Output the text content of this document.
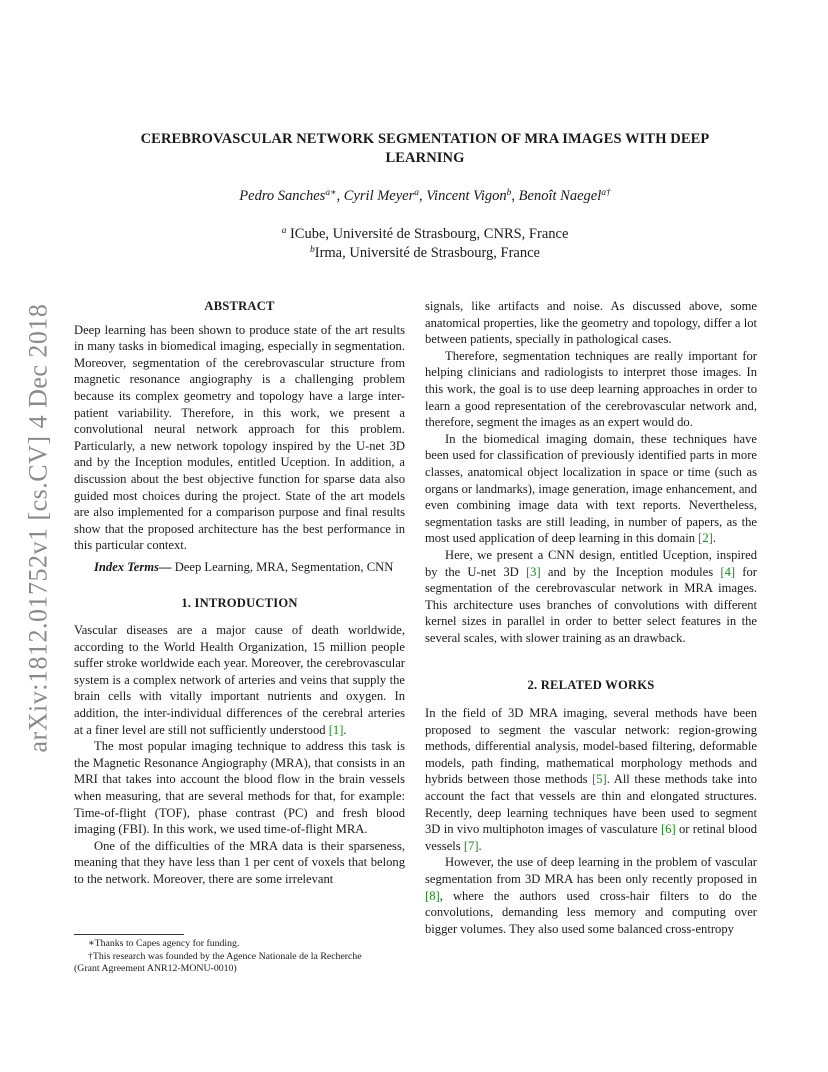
arXiv:1812.01752v1 [cs.CV] 4 Dec 2018
CEREBROVASCULAR NETWORK SEGMENTATION OF MRA IMAGES WITH DEEP
LEARNING
Pedro Sanches$^{a∗}$, Cyril Meyer$^a$, Vincent Vigon$^b$, Benoît Naegel$^{a\dagger}$
$^a$ ICube, Université de Strasbourg, CNRS, France
$^b$Irma, Université de Strasbourg, France
ABSTRACT

Deep learning has been shown to produce state of the art results in many tasks in biomedical imaging, especially in segmentation. Moreover, segmentation of the cerebrovascular structure from magnetic resonance angiography is a challenging problem because its complex geometry and topology have a large inter-patient variability. Therefore, in this work, we present a convolutional neural network approach for this problem. Particularly, a new network topology inspired by the U-net 3D and by the Inception modules, entitled Uception. In addition, a discussion about the best objective function for sparse data also guided most choices during the project. State of the art models are also implemented for a comparison purpose and final results show that the proposed architecture has the best performance in this particular context.

Index Terms— Deep Learning, MRA, Segmentation, CNN

1. INTRODUCTION

Vascular diseases are a major cause of death worldwide, according to the World Health Organization, 15 million people suffer stroke worldwide each year. Moreover, the cerebrovascular system is a complex network of arteries and veins that supply the brain cells with vitally important nutrients and oxygen. In addition, the inter-individual differences of the cerebral arteries at a finer level are still not sufficiently understood [1].

The most popular imaging technique to address this task is the Magnetic Resonance Angiography (MRA), that consists in an MRI that takes into account the blood flow in the brain vessels when measuring, that are several methods for that, for example: Time-of-flight (TOF), phase contrast (PC) and fresh blood imaging (FBI). In this work, we used time-of-flight MRA.

One of the difficulties of the MRA data is their sparseness, meaning that they have less than 1 per cent of voxels that belong to the network. Moreover, there are some irrelevant

∗Thanks to Capes agency for funding.

†This research was founded by the Agence Nationale de la Recherche

(Grant Agreement ANR12-MONU-0010)

signals, like artifacts and noise. As discussed above, some anatomical properties, like the geometry and topology, differ a lot between patients, specially in pathological cases.

Therefore, segmentation techniques are really important for helping clinicians and radiologists to interpret those images. In this work, the goal is to use deep learning approaches in order to learn a good representation of the cerebrovascular network and, therefore, segment the images as an expert would do.

In the biomedical imaging domain, these techniques have been used for classification of previously identified parts in more classes, anatomical object localization in space or time (such as organs or landmarks), image generation, image enhancement, and even combining image data with text reports. Nevertheless, segmentation tasks are still leading, in number of papers, as the most used application of deep learning in this domain [2].

Here, we present a CNN design, entitled Uception, inspired by the U-net 3D [3] and by the Inception modules [4] for segmentation of the cerebrovascular network in MRA images. This architecture uses branches of convolutions with different kernel sizes in parallel in order to better select features in the several scales, with slower training as an drawback.

2. RELATED WORKS

In the field of 3D MRA imaging, several methods have been proposed to segment the vascular network: region-growing methods, differential analysis, model-based filtering, deformable models, path finding, mathematical morphology methods and hybrids between those methods [5]. All these methods take into account the fact that vessels are thin and elongated structures. Recently, deep learning techniques have been used to segment 3D in vivo multiphoton images of vasculature [6] or retinal blood vessels [7].

However, the use of deep learning in the problem of vascular segmentation from 3D MRA has been only recently proposed in [8], where the authors used cross-hair filters to do the convolutions, demanding less memory and computing over bigger volumes. They also used some balanced cross-entropy
